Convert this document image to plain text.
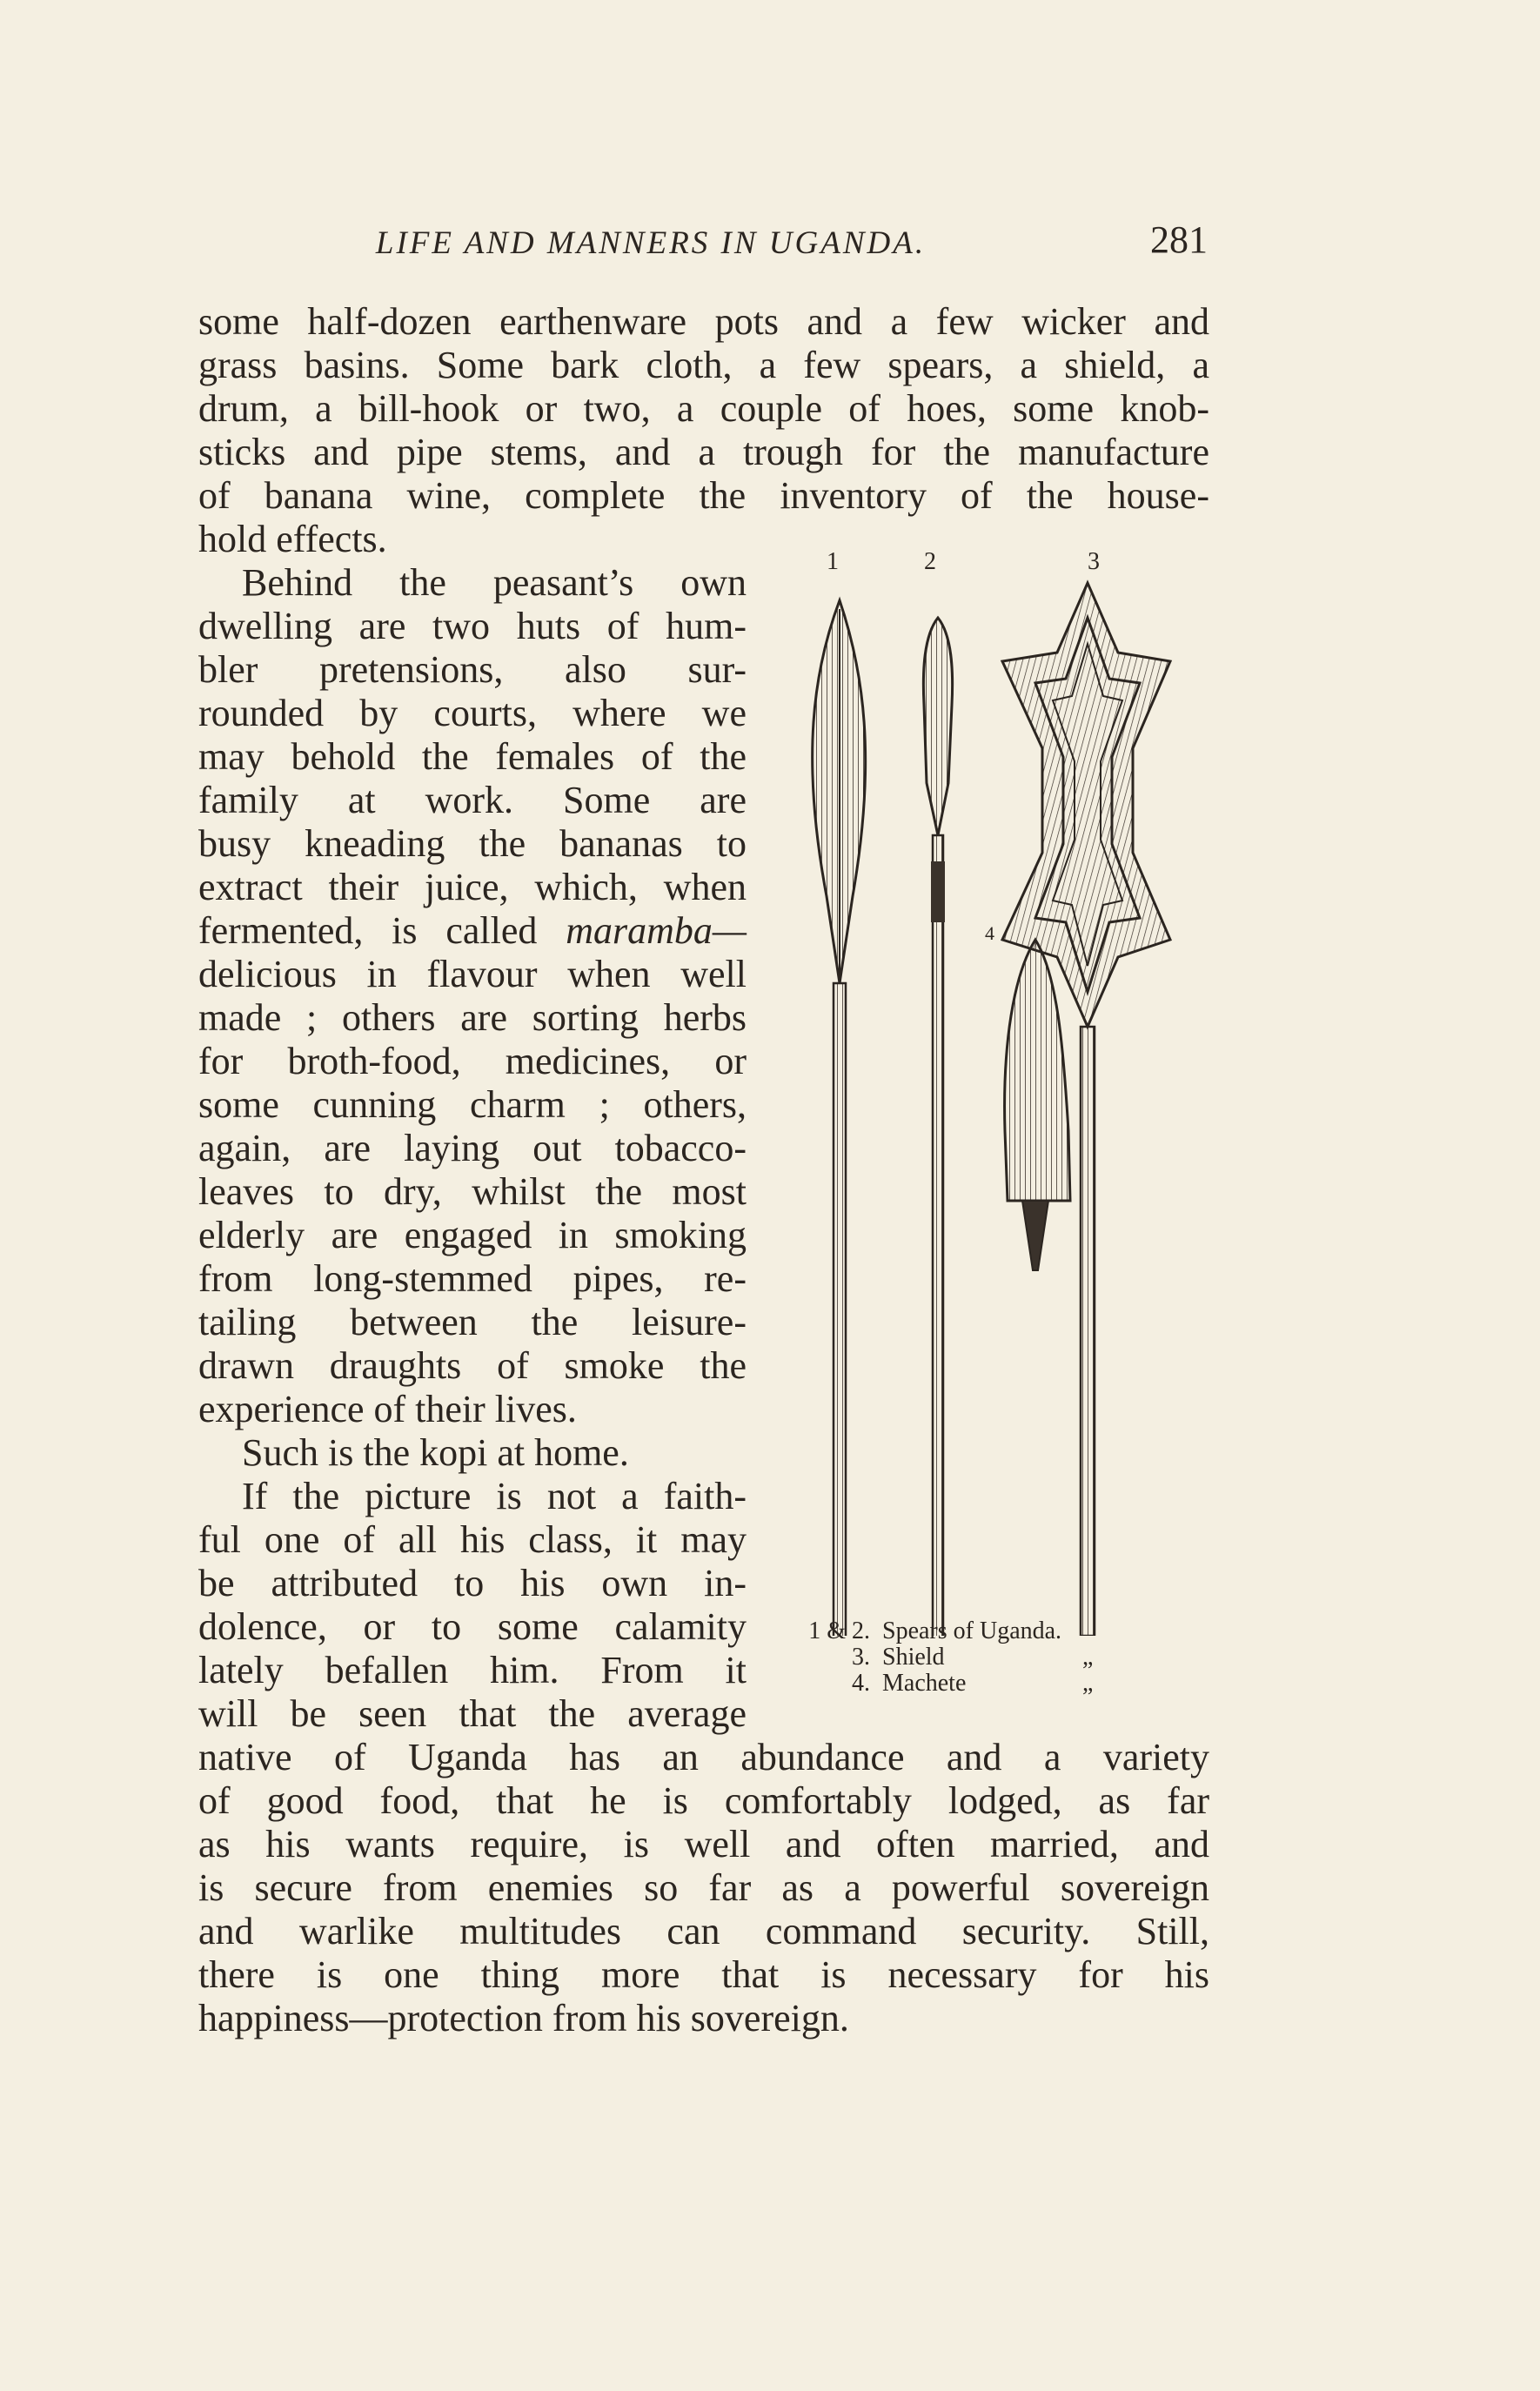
LIFE AND MANNERS IN UGANDA.	281
some half-dozen earthenware pots and a few wicker and
grass basins. Some bark cloth, a few spears, a shield, a
drum, a bill-hook or two, a couple of hoes, some knob-
sticks and pipe stems, and a trough for the manufacture
of banana wine, complete the inventory of the house-
hold effects.
Behind the peasant’s own
dwelling are two huts of hum-
bler pretensions, also sur-
rounded by courts, where we
may behold the females of the
family at work. Some are
busy kneading the bananas to
extract their juice, which, when
fermented, is called maramba—
delicious in flavour when well
made ; others are sorting herbs
for broth-food, medicines, or
some cunning charm ; others,
again, are laying out tobacco-
leaves to dry, whilst the most
elderly are engaged in smoking
from long-stemmed pipes, re-
tailing between the leisure-
drawn draughts of smoke the
experience of their lives.
Such is the kopi at home.
If the picture is not a faith-
ful one of all his class, it may
be attributed to his own in-
dolence, or to some calamity
lately befallen him. From it
will be seen that the average
native of Uganda has an abundance and a variety
of good food, that he is comfortably lodged, as far
as his wants require, is well and often married, and
is secure from enemies so far as a powerful sovereign
and warlike multitudes can command security. Still,
there is one thing more that is necessary for his
happiness—protection from his sovereign.
1	2	3
4
1 & 2. Spears of Uganda.
3. Shield	„
4. Machete	„
